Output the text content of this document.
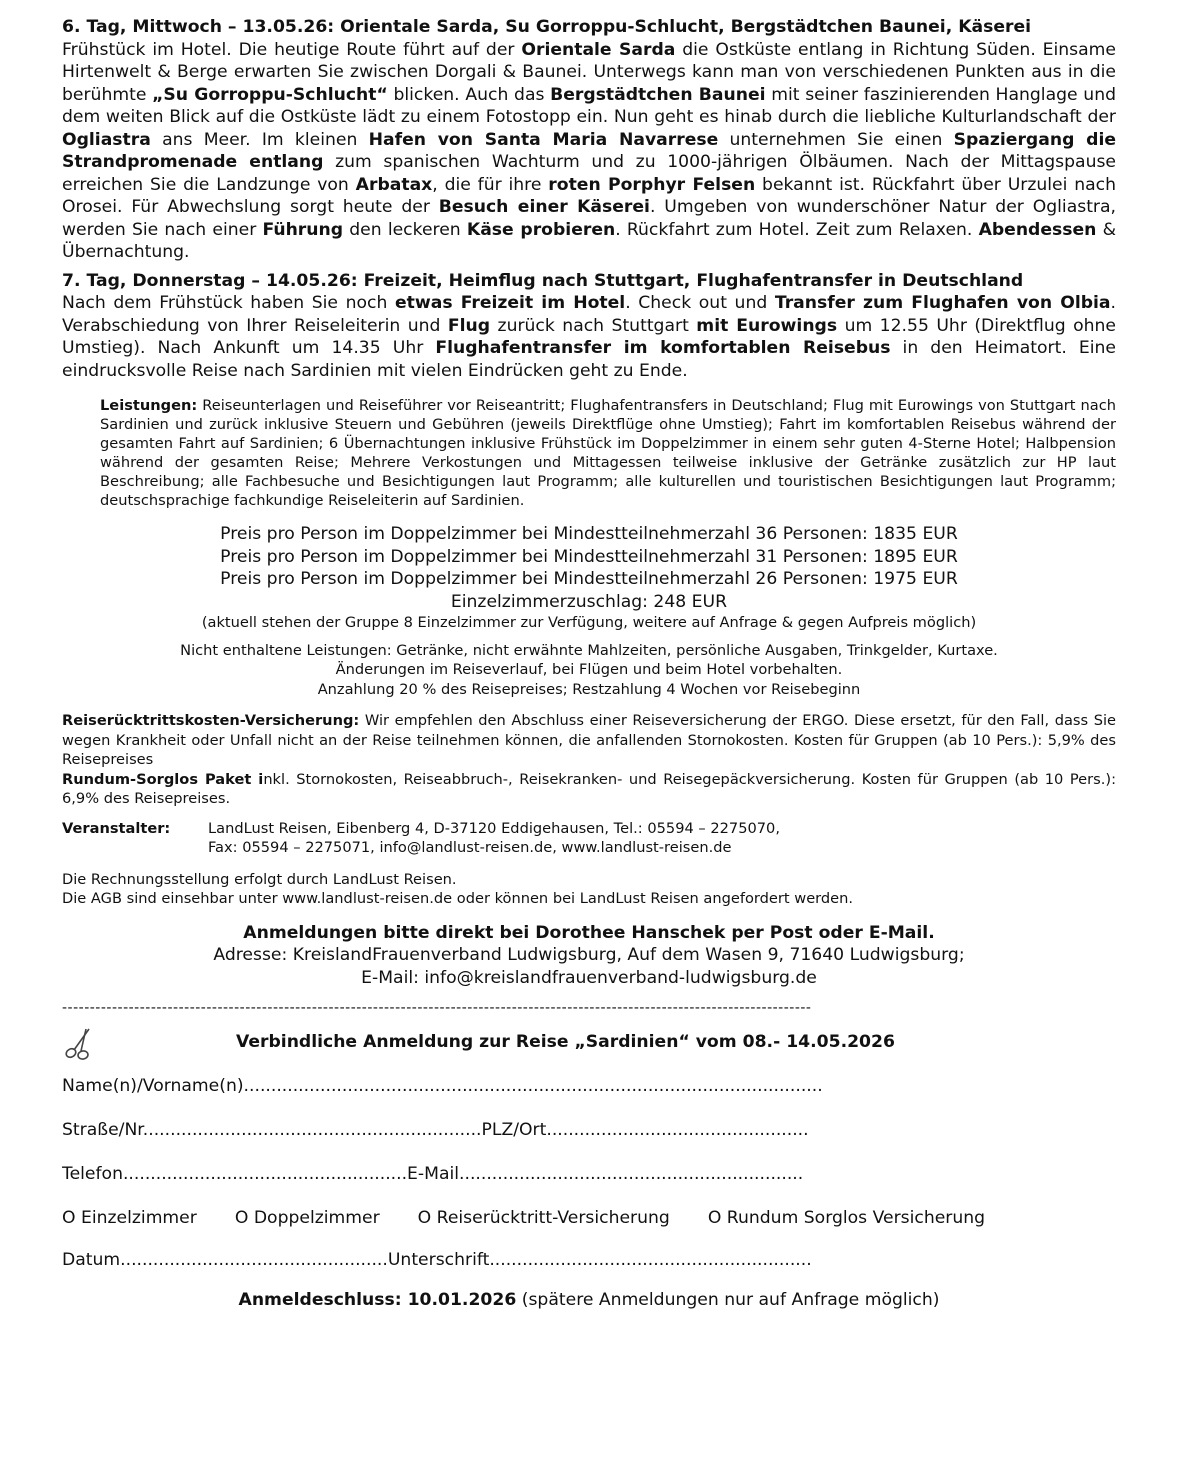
6. Tag, Mittwoch – 13.05.26: Orientale Sarda, Su Gorroppu-Schlucht, Bergstädtchen Baunei, Käserei
Frühstück im Hotel. Die heutige Route führt auf der Orientale Sarda die Ostküste entlang in Richtung Süden. Einsame Hirtenwelt & Berge erwarten Sie zwischen Dorgali & Baunei. Unterwegs kann man von verschiedenen Punkten aus in die berühmte „Su Gorroppu-Schlucht“ blicken. Auch das Bergstädtchen Baunei mit seiner faszinierenden Hanglage und dem weiten Blick auf die Ostküste lädt zu einem Fotostopp ein. Nun geht es hinab durch die liebliche Kulturlandschaft der Ogliastra ans Meer. Im kleinen Hafen von Santa Maria Navarrese unternehmen Sie einen Spaziergang die Strandpromenade entlang zum spanischen Wachturm und zu 1000-jährigen Ölbäumen. Nach der Mittagspause erreichen Sie die Landzunge von Arbatax, die für ihre roten Porphyr Felsen bekannt ist. Rückfahrt über Urzulei nach Orosei. Für Abwechslung sorgt heute der Besuch einer Käserei. Umgeben von wunderschöner Natur der Ogliastra, werden Sie nach einer Führung den leckeren Käse probieren. Rückfahrt zum Hotel. Zeit zum Relaxen. Abendessen & Übernachtung.
7. Tag, Donnerstag – 14.05.26: Freizeit, Heimflug nach Stuttgart, Flughafentransfer in Deutschland
Nach dem Frühstück haben Sie noch etwas Freizeit im Hotel. Check out und Transfer zum Flughafen von Olbia. Verabschiedung von Ihrer Reiseleiterin und Flug zurück nach Stuttgart mit Eurowings um 12.55 Uhr (Direktflug ohne Umstieg). Nach Ankunft um 14.35 Uhr Flughafentransfer im komfortablen Reisebus in den Heimatort. Eine eindrucksvolle Reise nach Sardinien mit vielen Eindrücken geht zu Ende.
Leistungen: Reiseunterlagen und Reiseführer vor Reiseantritt; Flughafentransfers in Deutschland; Flug mit Eurowings von Stuttgart nach Sardinien und zurück inklusive Steuern und Gebühren (jeweils Direktflüge ohne Umstieg); Fahrt im komfortablen Reisebus während der gesamten Fahrt auf Sardinien; 6 Übernachtungen inklusive Frühstück im Doppelzimmer in einem sehr guten 4-Sterne Hotel; Halbpension während der gesamten Reise; Mehrere Verkostungen und Mittagessen teilweise inklusive der Getränke zusätzlich zur HP laut Beschreibung; alle Fachbesuche und Besichtigungen laut Programm; alle kulturellen und touristischen Besichtigungen laut Programm; deutschsprachige fachkundige Reiseleiterin auf Sardinien.
Preis pro Person im Doppelzimmer bei Mindestteilnehmerzahl 36 Personen: 1835 EUR
Preis pro Person im Doppelzimmer bei Mindestteilnehmerzahl 31 Personen: 1895 EUR
Preis pro Person im Doppelzimmer bei Mindestteilnehmerzahl 26 Personen: 1975 EUR
Einzelzimmerzuschlag: 248 EUR
(aktuell stehen der Gruppe 8 Einzelzimmer zur Verfügung, weitere auf Anfrage & gegen Aufpreis möglich)
Nicht enthaltene Leistungen: Getränke, nicht erwähnte Mahlzeiten, persönliche Ausgaben, Trinkgelder, Kurtaxe.
Änderungen im Reiseverlauf, bei Flügen und beim Hotel vorbehalten.
Anzahlung 20 % des Reisepreises; Restzahlung 4 Wochen vor Reisebeginn
Reiserücktrittskosten-Versicherung: Wir empfehlen den Abschluss einer Reiseversicherung der ERGO. Diese ersetzt, für den Fall, dass Sie wegen Krankheit oder Unfall nicht an der Reise teilnehmen können, die anfallenden Stornokosten. Kosten für Gruppen (ab 10 Pers.): 5,9% des Reisepreises
Rundum-Sorglos Paket inkl. Stornokosten, Reiseabbruch-, Reisekranken- und Reisegepäckversicherung. Kosten für Gruppen (ab 10 Pers.): 6,9% des Reisepreises.
Veranstalter:	LandLust Reisen, Eibenberg 4, D-37120 Eddigehausen, Tel.: 05594 – 2275070,
Fax: 05594 – 2275071, info@landlust-reisen.de, www.landlust-reisen.de
Die Rechnungsstellung erfolgt durch LandLust Reisen.
Die AGB sind einsehbar unter www.landlust-reisen.de oder können bei LandLust Reisen angefordert werden.
Anmeldungen bitte direkt bei Dorothee Hanschek per Post oder E-Mail.
Adresse: KreislandFrauenverband Ludwigsburg, Auf dem Wasen 9, 71640 Ludwigsburg;
E-Mail: info@kreislandfrauenverband-ludwigsburg.de
---------------------------------------------------------------------------------------------------------------------------------------
Verbindliche Anmeldung zur Reise „Sardinien“ vom 08.- 14.05.2026
Name(n)/Vorname(n)..........................................................................................................
Straße/Nr..............................................................PLZ/Ort................................................
Telefon....................................................E-Mail...............................................................
O Einzelzimmer O Doppelzimmer O Reiserücktritt-Versicherung O Rundum Sorglos Versicherung
Datum.................................................Unterschrift...........................................................
Anmeldeschluss: 10.01.2026 (spätere Anmeldungen nur auf Anfrage möglich)
